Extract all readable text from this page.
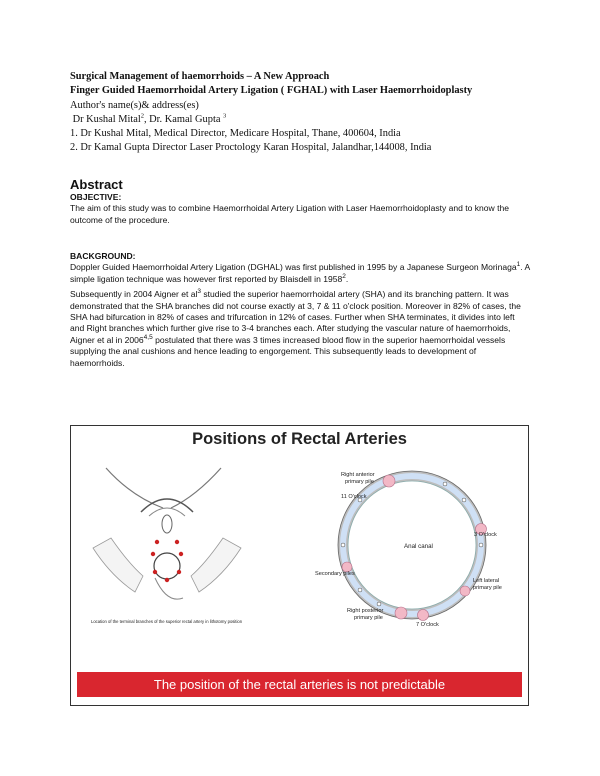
Surgical Management of haemorrhoids – A New Approach
Finger Guided Haemorrhoidal Artery Ligation ( FGHAL) with Laser Haemorrhoidoplasty
Author's name(s)& address(es)
Dr Kushal Mital$^2$, Dr. Kamal Gupta $^3$
1. Dr Kushal Mital, Medical Director, Medicare Hospital, Thane, 400604, India
2. Dr Kamal Gupta Director Laser Proctology Karan Hospital, Jalandhar,144008, India
Abstract
OBJECTIVE:

The aim of this study was to combine Haemorrhoidal Artery Ligation with Laser Haemorrhoidoplasty and to know the outcome of the procedure.

BACKGROUND:

Doppler Guided Haemorrhoidal Artery Ligation (DGHAL) was first published in 1995 by a Japanese Surgeon Morinaga$^1$. A simple ligation technique was however first reported by Blaisdell in 1958$^2$.

Subsequently in 2004 Aigner et $al^3$ studied the superior haemorrhoidal artery (SHA) and its branching pattern. It was demonstrated that the SHA branches did not course exactly at 3, 7 & 11 o'clock position. Moreover in 82% of cases, the SHA had bifurcation in 82% of cases and trifurcation in 12% of cases. Further when SHA terminates, it divides into left and Right branches which further give rise to 3-4 branches each. After studying the vascular nature of haemorrhoids, Aigner et al in 2006$^{4,5}$ postulated that there was 3 times increased blood flow in the superior haemorrhoidal vessels supplying the anal cushions and hence leading to engorgement. This subsequently leads to development of haemorrhoids.

Positions of Rectal Arteries
Location of the terminal branches of the superior rectal artery in lithotomy position
Right anterior
primary pile
11 O'clock
3 O'clock
Anal canal
Secondary piles
Left lateral
primary pile
Right posterior
primary pile
7 O'clock
The position of the rectal arteries is not predictable
